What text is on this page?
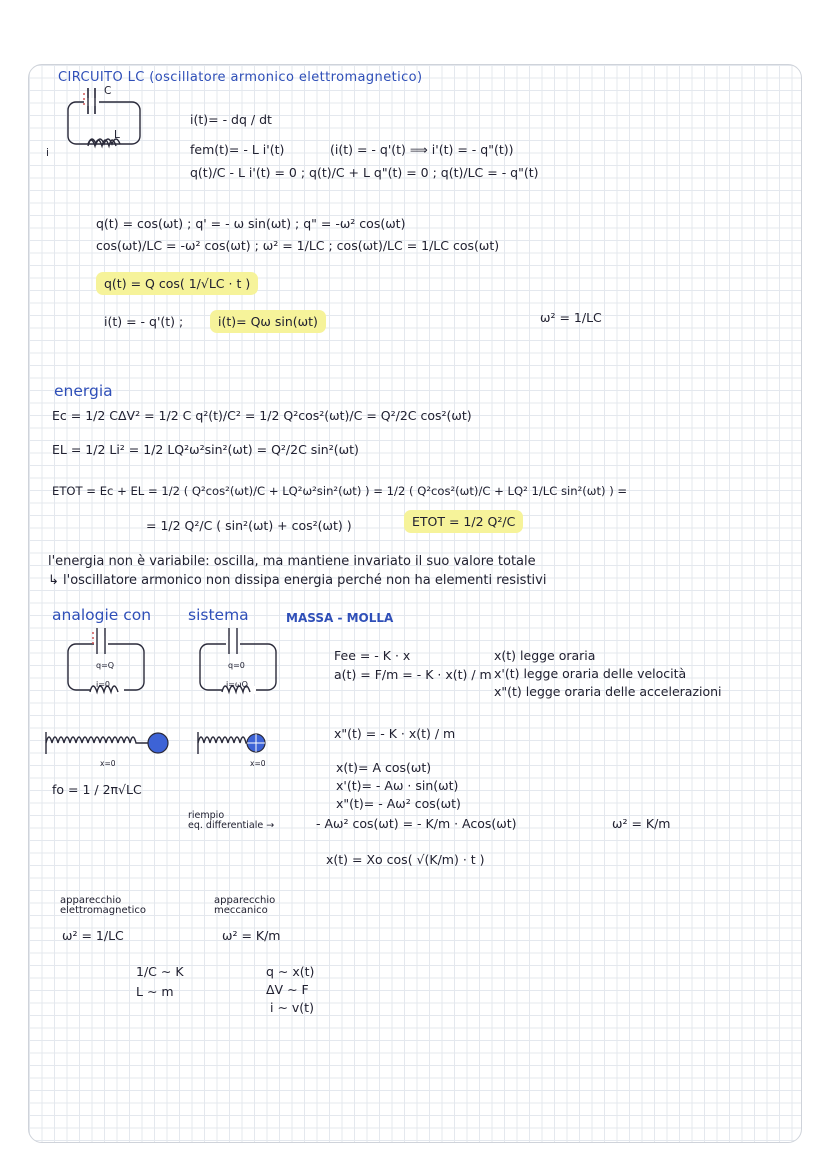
CIRCUITO LC (oscillatore armonico elettromagnetico)
C
L
i
i(t)= - dq / dt
fem(t)= - L i'(t)	(i(t) = - q'(t) ⟹ i'(t) = - q"(t))
q(t)/C - L i'(t) = 0 ; q(t)/C + L q"(t) = 0 ; q(t)/LC = - q"(t)
q(t) = cos(ωt) ; q' = - ω sin(ωt) ; q" = -ω² cos(ωt)
cos(ωt)/LC = -ω² cos(ωt) ; ω² = 1/LC ; cos(ωt)/LC = 1/LC cos(ωt)
q(t) = Q cos( 1/√LC · t )
i(t) = - q'(t) ;	i(t)= Qω sin(ωt)	ω² = 1/LC
energia
Ec = 1/2 CΔV² = 1/2 C q²(t)/C² = 1/2 Q²cos²(ωt)/C = Q²/2C cos²(ωt)
EL = 1/2 Li² = 1/2 LQ²ω²sin²(ωt) = Q²/2C sin²(ωt)
ETOT = Ec + EL = 1/2 ( Q²cos²(ωt)/C + LQ²ω²sin²(ωt) ) = 1/2 ( Q²cos²(ωt)/C + LQ² 1/LC sin²(ωt) ) =
= 1/2 Q²/C ( sin²(ωt) + cos²(ωt) )	ETOT = 1/2 Q²/C
l'energia non è variabile: oscilla, ma mantiene invariato il suo valore totale
↳ l'oscillatore armonico non dissipa energia perché non ha elementi resistivi
analogie con sistema	MASSA - MOLLA
q=Q
i=0
q=0
i=ωQ
x=0	x=0
Fee = - K · x
a(t) = F/m = - K · x(t) / m
x(t) legge oraria
x'(t) legge oraria delle velocità
x"(t) legge oraria delle accelerazioni
x"(t) = - K · x(t) / m
fo = 1 / 2π√LC
x(t)= A cos(ωt)
x'(t)= - Aω · sin(ωt)
x"(t)= - Aω² cos(ωt)
riempio
eq. differentiale →	- Aω² cos(ωt) = - K/m · Acos(ωt)	ω² = K/m
x(t) = Xo cos( √(K/m) · t )
apparecchio
elettromagnetico
ω² = 1/LC
apparecchio
meccanico
ω² = K/m
1/C ∼ K
L ∼ m
q ∼ x(t)
ΔV ∼ F
i ∼ v(t)
